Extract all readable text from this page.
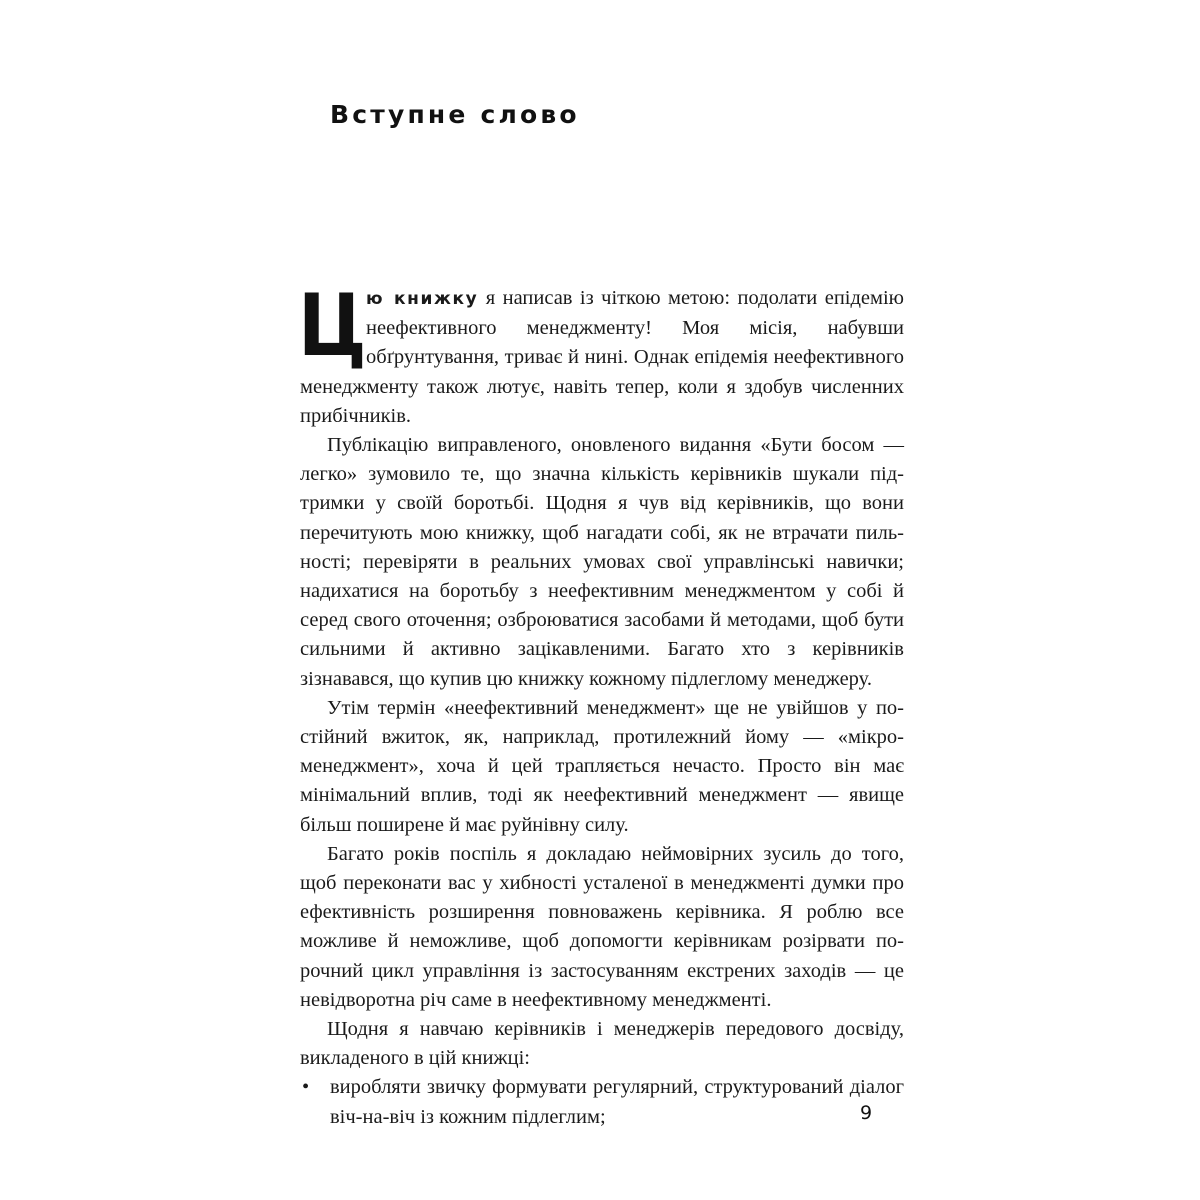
Вступне слово

Цю книжку я написав із чіткою метою: подолати епідемію неефективного менеджменту! Моя місія, набувши обґрунтування, триває й нині. Однак епідемія неефективного менеджменту також лютує, навіть тепер, коли я здобув численних прибічників.

Публікацію виправленого, оновленого видання «Бути босом — легко» зумовило те, що значна кількість керівників шукали підтримки у своїй боротьбі. Щодня я чув від керівників, що вони перечитують мою книжку, щоб нагадати собі, як не втрачати пильності; перевіряти в реальних умовах свої управлінські навички; надихатися на боротьбу з неефективним менеджментом у собі й серед свого оточення; озброюватися засобами й методами, щоб бути сильними й активно зацікавленими. Багато хто з керівників зізнавався, що купив цю книжку кожному підлеглому менеджеру.

Утім термін «неефективний менеджмент» ще не увійшов у постійний вжиток, як, наприклад, протилежний йому — «мікроменеджмент», хоча й цей трапляється нечасто. Просто він має мінімальний вплив, тоді як неефективний менеджмент — явище більш поширене й має руйнівну силу.

Багато років поспіль я докладаю неймовірних зусиль до того, щоб переконати вас у хибності усталеної в менеджменті думки про ефективність розширення повноважень керівника. Я роблю все можливе й неможливе, щоб допомогти керівникам розірвати порочний цикл управління із застосуванням екстрених заходів — це невідворотна річ саме в неефективному менеджменті.

Щодня я навчаю керівників і менеджерів передового досвіду, викладеного в цій книжці:

• виробляти звичку формувати регулярний, структурований діалог віч-на-віч із кожним підлеглим;	9
